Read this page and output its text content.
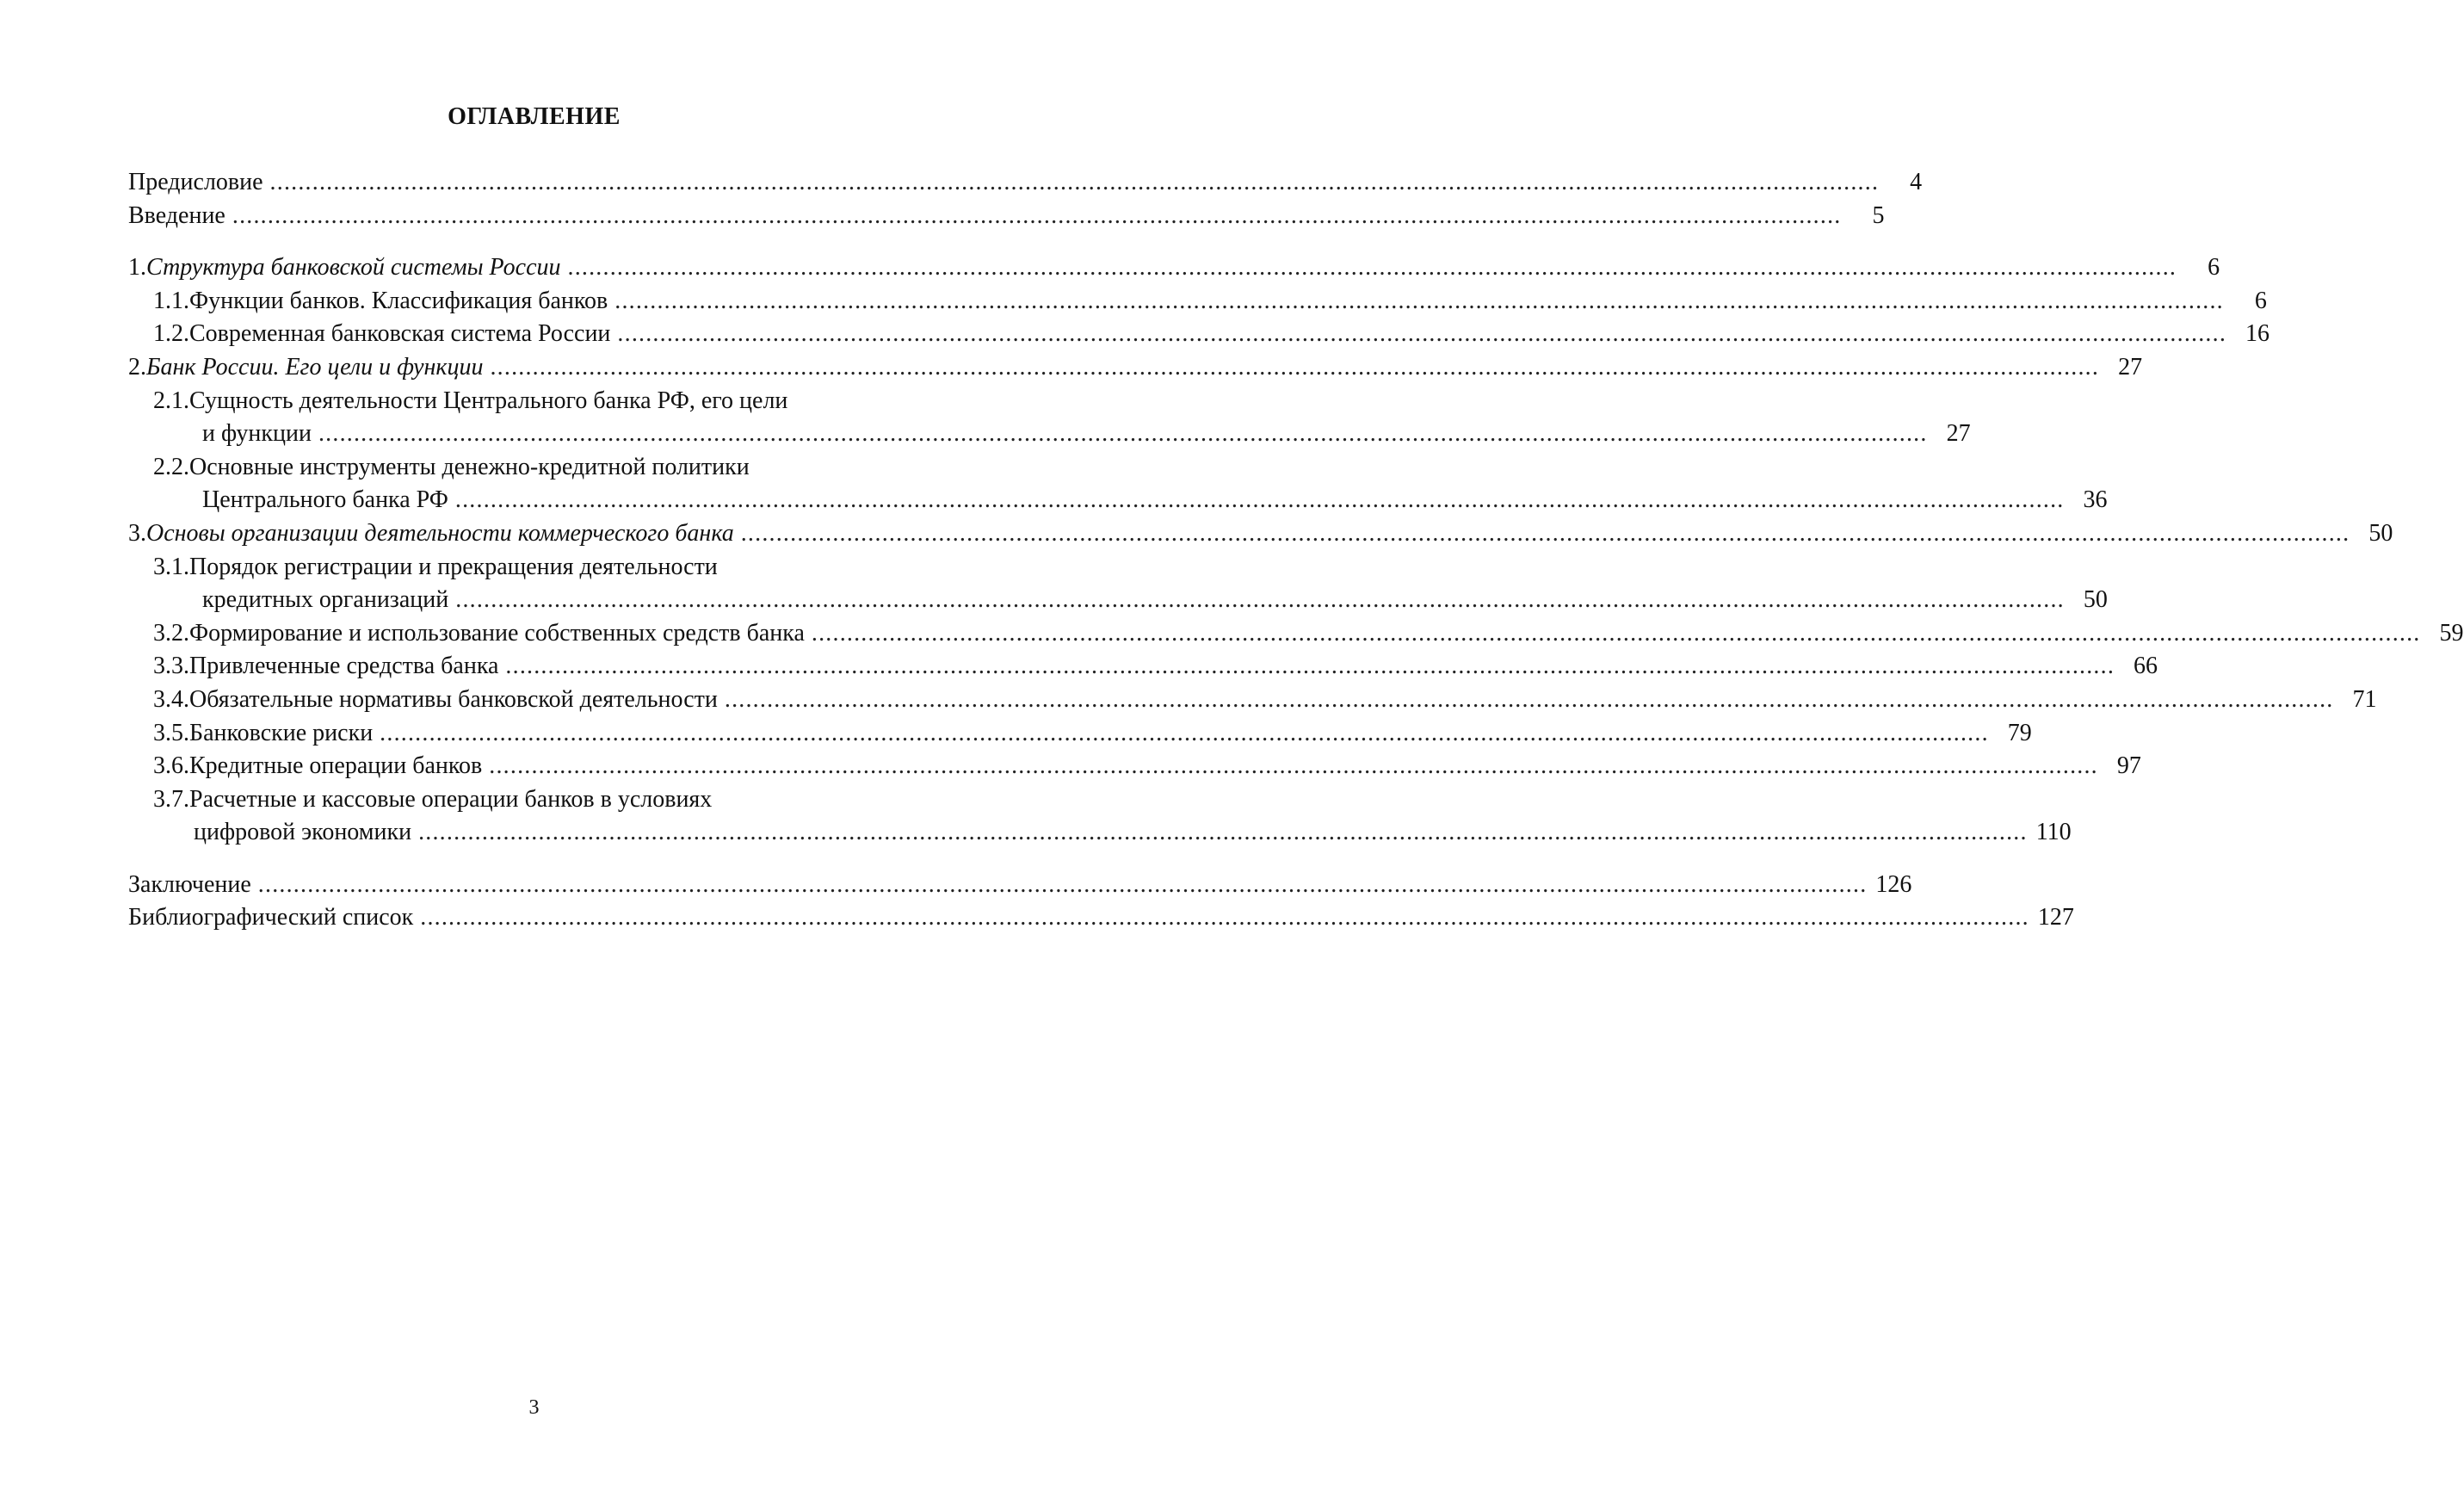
ОГЛАВЛЕНИЕ
Предисловие ....................................................................................................................................................................................................................................	4
Введение ....................................................................................................................................................................................................................................	5
1. Структура банковской системы России ....................................................................................................................................................................................................................................	6
1.1. Функции банков. Классификация банков ....................................................................................................................................................................................................................................	6
1.2. Современная банковская система России .................................................................................................................................................................................................................................... 16
2. Банк России. Его цели и функции .................................................................................................................................................................................................................................... 27
2.1. Сущность деятельности Центрального банка РФ, его цели
и функции .................................................................................................................................................................................................................................... 27
2.2. Основные инструменты денежно-кредитной политики
Центрального банка РФ .................................................................................................................................................................................................................................... 36
3. Основы организации деятельности коммерческого банка .................................................................................................................................................................................................................................... 50
3.1. Порядок регистрации и прекращения деятельности
кредитных организаций .................................................................................................................................................................................................................................... 50
3.2. Формирование и использование собственных средств банка .................................................................................................................................................................................................................................... 59
3.3. Привлеченные средства банка .................................................................................................................................................................................................................................... 66
3.4. Обязательные нормативы банковской деятельности .................................................................................................................................................................................................................................... 71
3.5. Банковские риски .................................................................................................................................................................................................................................... 79
3.6. Кредитные операции банков .................................................................................................................................................................................................................................... 97
3.7. Расчетные и кассовые операции банков в условиях
цифровой экономики .................................................................................................................................................................................................................................... 110
Заключение .................................................................................................................................................................................................................................... 126
Библиографический список .................................................................................................................................................................................................................................... 127
3
